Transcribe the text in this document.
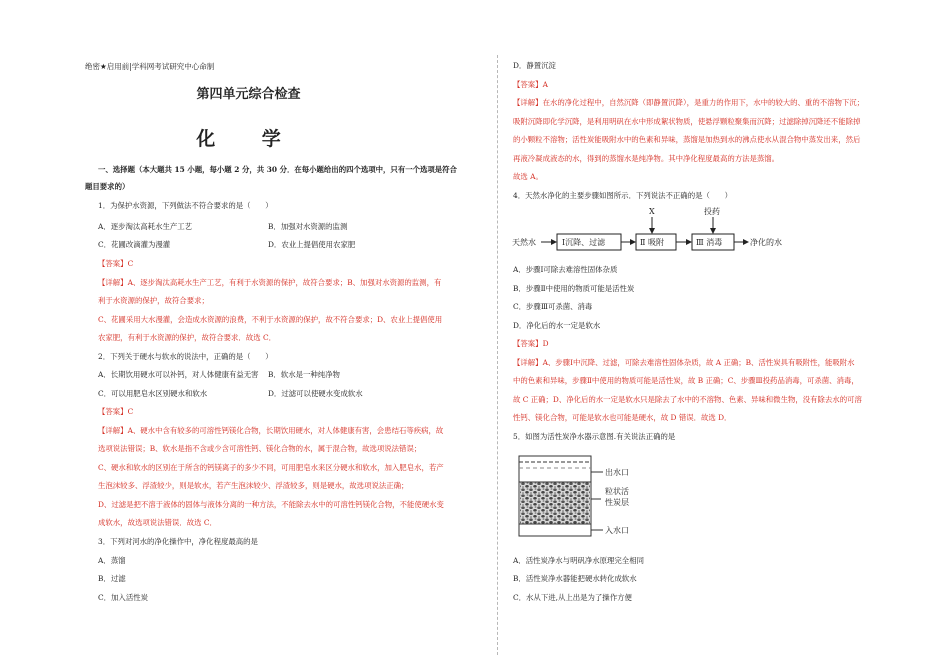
绝密★启用前|学科网考试研究中心命制
第四单元综合检查
化 学
一、选择题（本大题共 15 小题，每小题 2 分，共 30 分．在每小题给出的四个选项中，只有一个选项是符合
题目要求的）
1．为保护水资源，下列做法不符合要求的是（　　）
A．逐步淘汰高耗水生产工艺	B．加强对水资源的监测
C．花圃改滴灌为漫灌	D．农业上提倡使用农家肥
【答案】C
【详解】A、逐步淘汰高耗水生产工艺，有利于水资源的保护，故符合要求；B、加强对水资源的监测，有
利于水资源的保护，故符合要求；
C、花圃采用大水漫灌，会造成水资源的浪费，不利于水资源的保护，故不符合要求；D、农业上提倡使用
农家肥，有利于水资源的保护，故符合要求．故选 C．
2．下列关于硬水与软水的说法中，正确的是（　　）
A．长期饮用硬水可以补钙，对人体健康有益无害 B．软水是一种纯净物
C．可以用肥皂水区别硬水和软水	D．过滤可以使硬水变成软水
【答案】C
【详解】A、硬水中含有较多的可溶性钙镁化合物，长期饮用硬水，对人体健康有害，会患结石等疾病，故
选项说法错误；B、软水是指不含或少含可溶性钙、镁化合物的水，属于混合物，故选项说法错误；
C、硬水和软水的区别在于所含的钙镁离子的多少不同，可用肥皂水来区分硬水和软水，加入肥皂水，若产
生泡沫较多、浮渣较少，则是软水，若产生泡沫较少、浮渣较多，则是硬水，故选项说法正确；
D、过滤是把不溶于液体的固体与液体分离的一种方法，不能除去水中的可溶性钙镁化合物，不能使硬水变
成软水，故选项说法错误．故选 C．
3．下列对河水的净化操作中，净化程度最高的是
A．蒸馏
B．过滤
C．加入活性炭
D．静置沉淀
【答案】A
【详解】在水的净化过程中，自然沉降（即静置沉降），是重力的作用下，水中的较大的、重的不溶物下沉；
吸附沉降即化学沉降，是利用明矾在水中形成絮状物质，使悬浮颗粒聚集而沉降；过滤除掉沉降还不能除掉
的小颗粒不溶物；活性炭能吸附水中的色素和异味，蒸馏是加热到水的沸点使水从混合物中蒸发出来，然后
再液冷凝成液态的水，得到的蒸馏水是纯净物。其中净化程度最高的方法是蒸馏。
故选 A。
4．天然水净化的主要步骤如图所示．下列说法不正确的是（　　）
天然水	Ⅰ沉降、过滤	Ⅱ 吸附	Ⅲ 消毒	净化的水
X	投药
A．步骤Ⅰ可除去难溶性固体杂质
B．步骤Ⅱ中使用的物质可能是活性炭
C．步骤Ⅲ可杀菌、消毒
D．净化后的水一定是软水
【答案】D
【详解】A、步骤Ⅰ中沉降、过滤，可除去难溶性固体杂质，故 A 正确；B、活性炭具有吸附性，能吸附水
中的色素和异味，步骤Ⅱ中使用的物质可能是活性炭，故 B 正确；C、步骤Ⅲ投药品消毒，可杀菌、消毒，
故 C 正确；D、净化后的水一定是软水只是除去了水中的不溶物、色素、异味和微生物，没有除去水的可溶
性钙、镁化合物，可能是软水也可能是硬水，故 D 错误．故选 D．
5．如图为活性炭净水器示意图.有关说法正确的是
出水口
粒状活
性炭层
入水口
A．活性炭净水与明矾净水原理完全相同
B．活性炭净水器能把硬水转化成软水
C．水从下进,从上出是为了操作方便
